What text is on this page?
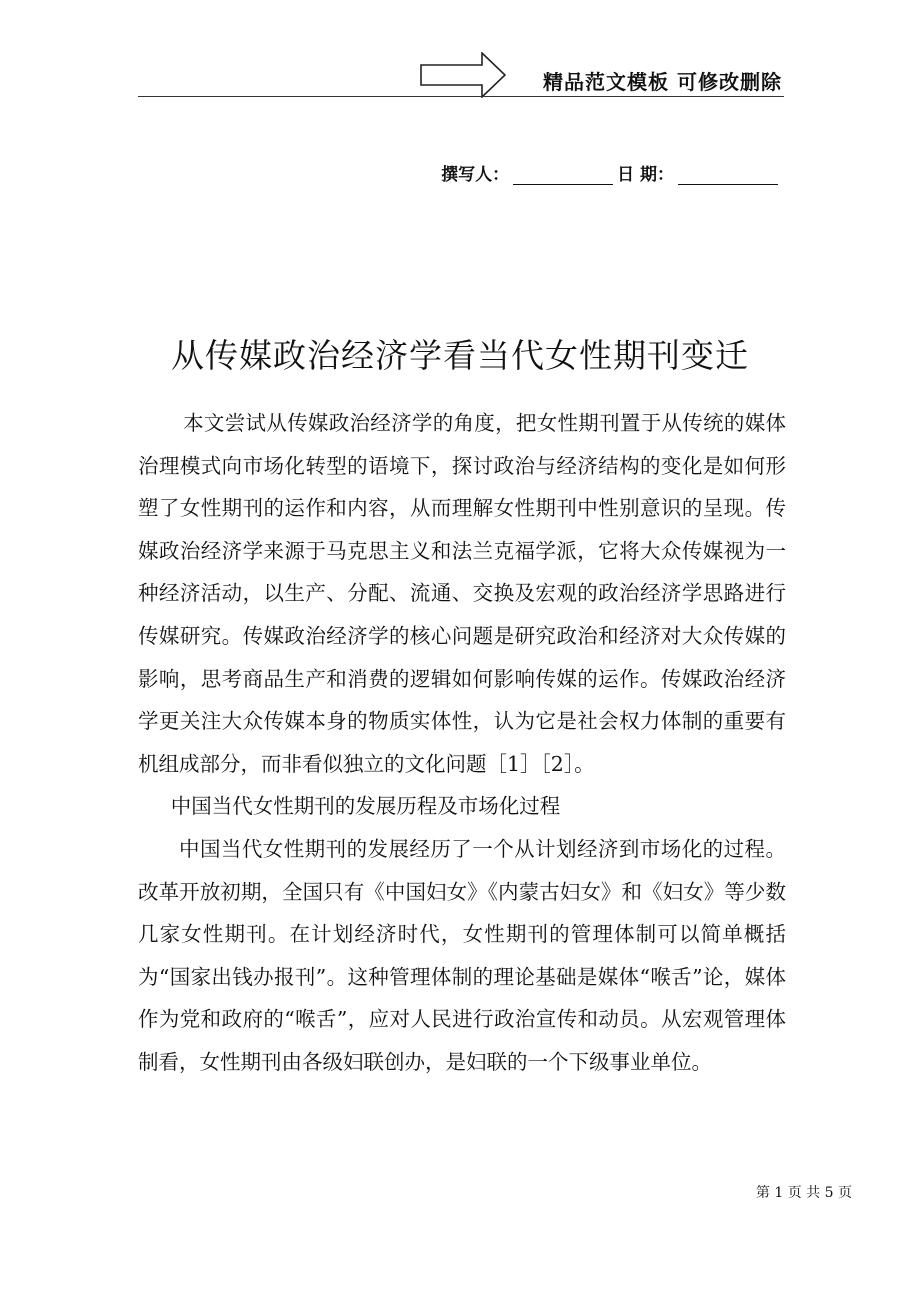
精品范文模板 可修改删除
撰写人：	日 期：
从传媒政治经济学看当代女性期刊变迁

本文尝试从传媒政治经济学的角度，把女性期刊置于从传统的媒体治理模式向市场化转型的语境下，探讨政治与经济结构的变化是如何形塑了女性期刊的运作和内容，从而理解女性期刊中性别意识的呈现。传媒政治经济学来源于马克思主义和法兰克福学派，它将大众传媒视为一种经济活动，以生产、分配、流通、交换及宏观的政治经济学思路进行传媒研究。传媒政治经济学的核心问题是研究政治和经济对大众传媒的影响，思考商品生产和消费的逻辑如何影响传媒的运作。传媒政治经济学更关注大众传媒本身的物质实体性，认为它是社会权力体制的重要有机组成部分，而非看似独立的文化问题［1］［2］。

中国当代女性期刊的发展历程及市场化过程

中国当代女性期刊的发展经历了一个从计划经济到市场化的过程。改革开放初期，全国只有《中国妇女》《内蒙古妇女》和《妇女》等少数几家女性期刊。在计划经济时代，女性期刊的管理体制可以简单概括为“国家出钱办报刊”。这种管理体制的理论基础是媒体“喉舌”论，媒体作为党和政府的“喉舌”，应对人民进行政治宣传和动员。从宏观管理体制看，女性期刊由各级妇联创办，是妇联的一个下级事业单位。

第 1 页 共 5 页
